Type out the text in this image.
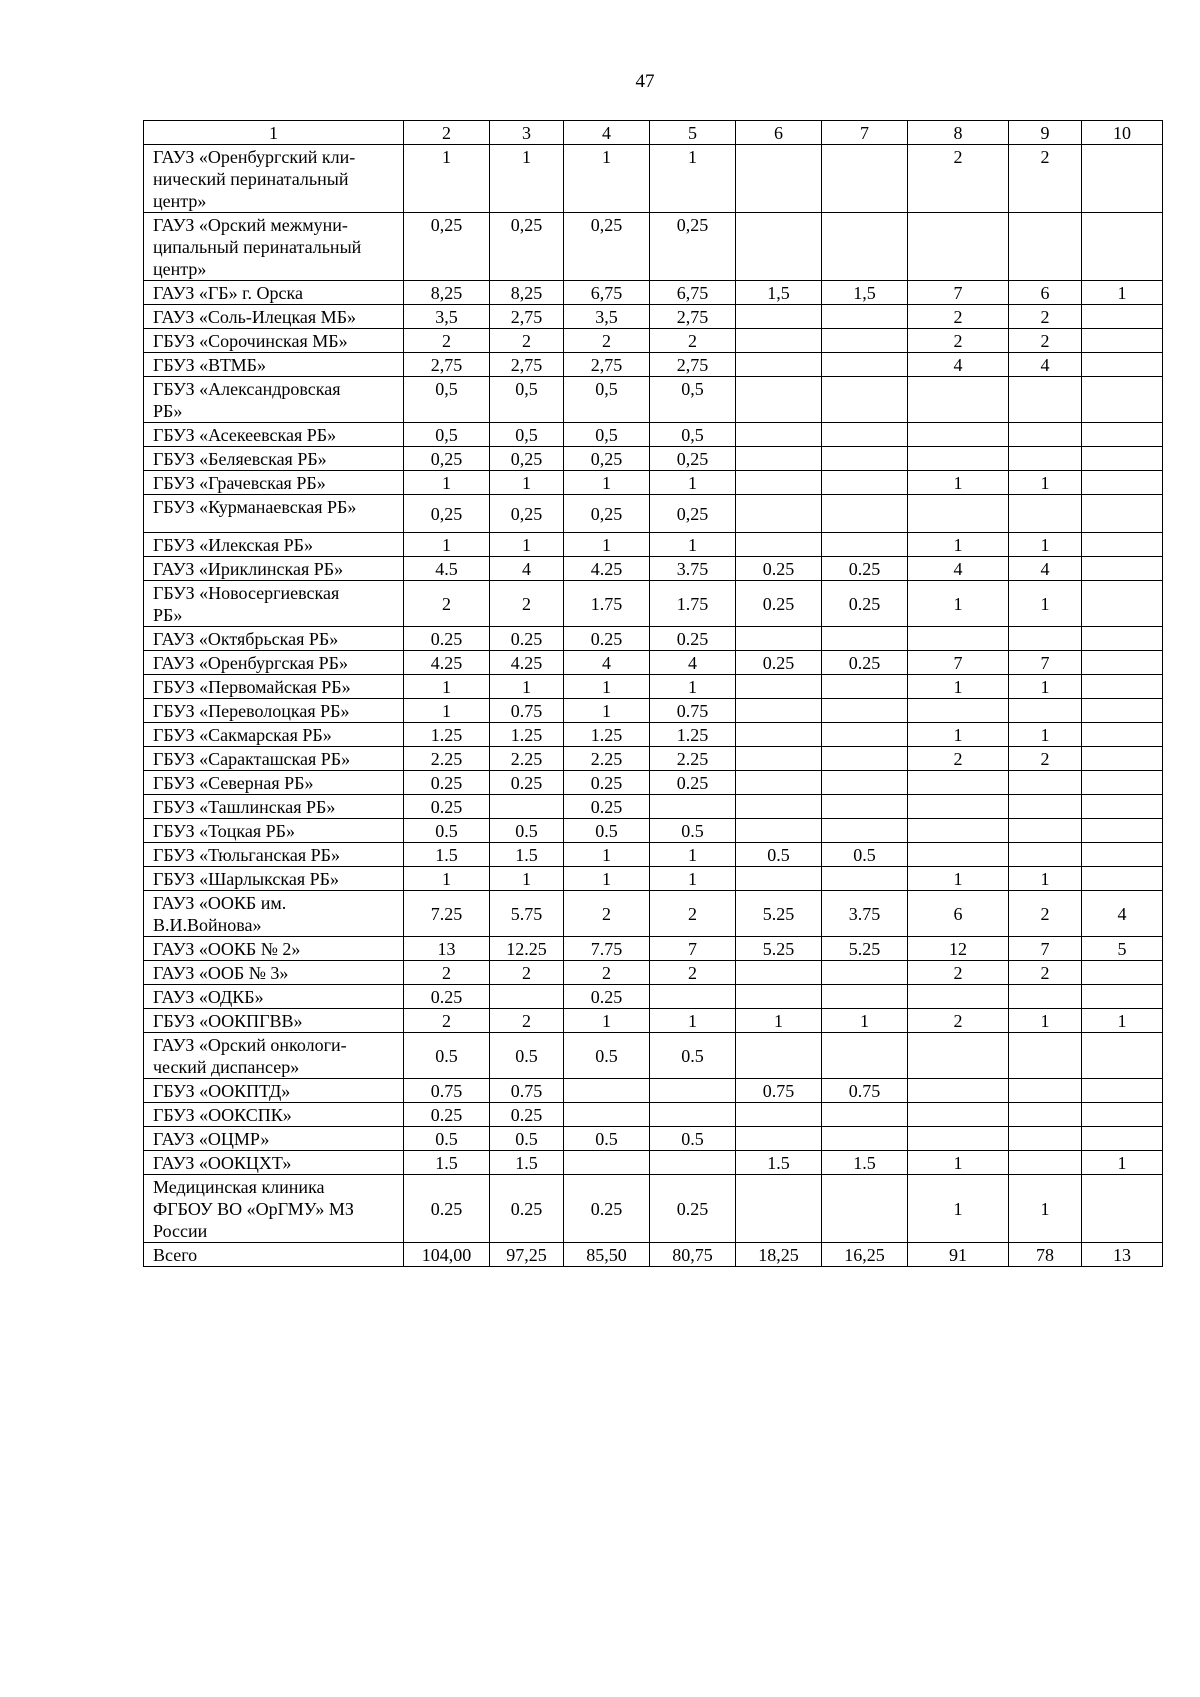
47
1	2	3	4	5	6	7	8	9	10
ГАУЗ «Оренбургский кли-
нический перинатальный
центр»	1	1	1	1			2	2	
ГАУЗ «Орский межмуни-
ципальный перинатальный
центр»	0,25	0,25	0,25	0,25					
ГАУЗ «ГБ» г. Орска	8,25	8,25	6,75	6,75	1,5	1,5	7	6	1
ГАУЗ «Соль-Илецкая МБ»	3,5	2,75	3,5	2,75			2	2	
ГБУЗ «Сорочинская МБ»	2	2	2	2			2	2	
ГБУЗ «ВТМБ»	2,75	2,75	2,75	2,75			4	4	
ГБУЗ «Александровская
РБ»	0,5	0,5	0,5	0,5					
ГБУЗ «Асекеевская РБ»	0,5	0,5	0,5	0,5					
ГБУЗ «Беляевская РБ»	0,25	0,25	0,25	0,25					
ГБУЗ «Грачевская РБ»	1	1	1	1			1	1	
ГБУЗ «Курманаевская РБ»	0,25	0,25	0,25	0,25					
ГБУЗ «Илекская РБ»	1	1	1	1			1	1	
ГАУЗ «Ириклинская РБ»	4.5	4	4.25	3.75	0.25	0.25	4	4	
ГБУЗ «Новосергиевская
РБ»	2	2	1.75	1.75	0.25	0.25	1	1	
ГАУЗ «Октябрьская РБ»	0.25	0.25	0.25	0.25					
ГАУЗ «Оренбургская РБ»	4.25	4.25	4	4	0.25	0.25	7	7	
ГБУЗ «Первомайская РБ»	1	1	1	1			1	1	
ГБУЗ «Переволоцкая РБ»	1	0.75	1	0.75					
ГБУЗ «Сакмарская РБ»	1.25	1.25	1.25	1.25			1	1	
ГБУЗ «Саракташская РБ»	2.25	2.25	2.25	2.25			2	2	
ГБУЗ «Северная РБ»	0.25	0.25	0.25	0.25					
ГБУЗ «Ташлинская РБ»	0.25		0.25						
ГБУЗ «Тоцкая РБ»	0.5	0.5	0.5	0.5					
ГБУЗ «Тюльганская РБ»	1.5	1.5	1	1	0.5	0.5			
ГБУЗ «Шарлыкская РБ»	1	1	1	1			1	1	
ГАУЗ «ООКБ им.
В.И.Войнова»	7.25	5.75	2	2	5.25	3.75	6	2	4
ГАУЗ «ООКБ № 2»	13	12.25	7.75	7	5.25	5.25	12	7	5
ГАУЗ «ООБ № 3»	2	2	2	2			2	2	
ГАУЗ «ОДКБ»	0.25		0.25						
ГБУЗ «ООКПГВВ»	2	2	1	1	1	1	2	1	1
ГАУЗ «Орский онкологи-
ческий диспансер»	0.5	0.5	0.5	0.5					
ГБУЗ «ООКПТД»	0.75	0.75			0.75	0.75			
ГБУЗ «ООКСПК»	0.25	0.25							
ГАУЗ «ОЦМР»	0.5	0.5	0.5	0.5					
ГАУЗ «ООКЦХТ»	1.5	1.5			1.5	1.5	1		1
Медицинская клиника
ФГБОУ ВО «ОрГМУ» МЗ
России	0.25	0.25	0.25	0.25			1	1	
Всего	104,00	97,25	85,50	80,75	18,25	16,25	91	78	13
